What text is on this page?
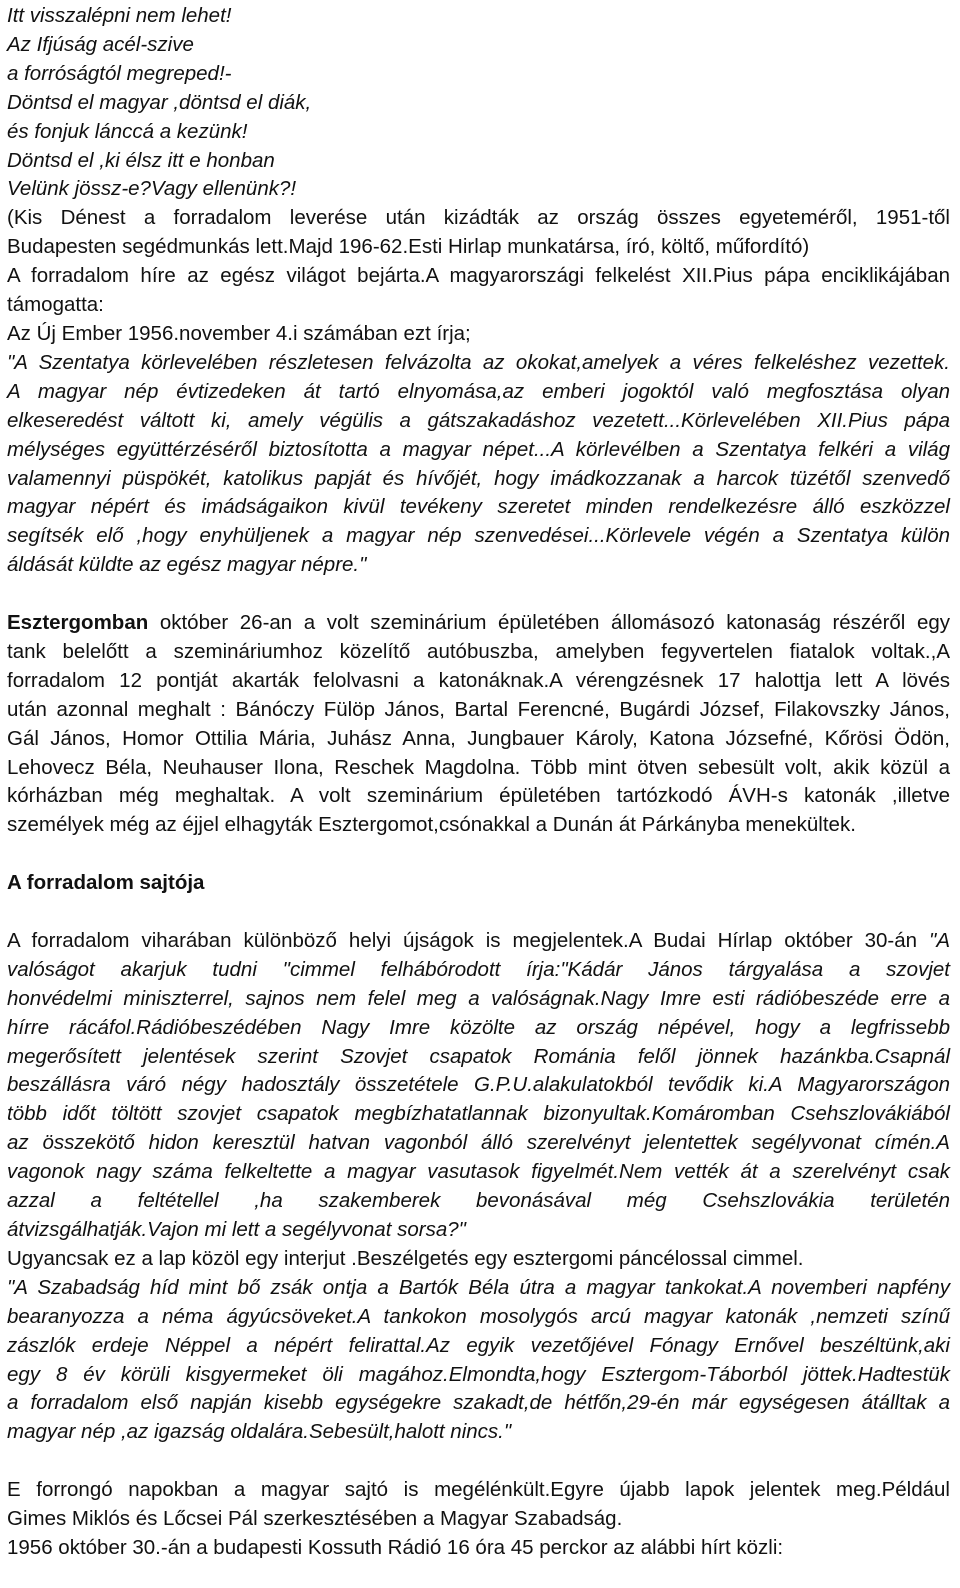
Itt visszalépni nem lehet!
Az Ifjúság acél-szive
a forróságtól megreped!-
Döntsd el magyar ,döntsd el diák,
és fonjuk lánccá a kezünk!
Döntsd el ,ki élsz itt e honban
Velünk jössz-e?Vagy ellenünk?!
(Kis Dénest a forradalom leverése után kizádták az ország összes egyeteméről, 1951-től
Budapesten segédmunkás lett.Majd 196-62.Esti Hirlap munkatársa, író, költő, műfordító)
A forradalom híre az egész világot bejárta.A magyarországi felkelést XII.Pius pápa enciklikájában
támogatta:
Az Új Ember 1956.november 4.i számában ezt írja;
"A Szentatya körlevelében részletesen felvázolta az okokat,amelyek a véres felkeléshez vezettek.
A magyar nép évtizedeken át tartó elnyomása,az emberi jogoktól való megfosztása olyan
elkeseredést váltott ki, amely végülis a gátszakadáshoz vezetett...Körlevelében XII.Pius pápa
mélységes együttérzéséről biztosította a magyar népet...A körlevélben a Szentatya felkéri a világ
valamennyi püspökét, katolikus papját és hívőjét, hogy imádkozzanak a harcok tüzétől szenvedő
magyar népért és imádságaikon kivül tevékeny szeretet minden rendelkezésre álló eszközzel
segítsék elő ,hogy enyhüljenek a magyar nép szenvedései...Körlevele végén a Szentatya külön
áldását küldte az egész magyar népre."
Esztergomban október 26-an a volt szeminárium épületében állomásozó katonaság részéről egy
tank belelőtt a szemináriumhoz közelítő autóbuszba, amelyben fegyvertelen fiatalok voltak.,A
forradalom 12 pontját akarták felolvasni a katonáknak.A vérengzésnek 17 halottja lett A lövés
után azonnal meghalt : Bánóczy Fülöp János, Bartal Ferencné, Bugárdi József, Filakovszky János,
Gál János, Homor Ottilia Mária, Juhász Anna, Jungbauer Károly, Katona Józsefné, Kőrösi Ödön,
Lehovecz Béla, Neuhauser Ilona, Reschek Magdolna. Több mint ötven sebesült volt, akik közül a
kórházban még meghaltak. A volt szeminárium épületében tartózkodó ÁVH-s katonák ,illetve
személyek még az éjjel elhagyták Esztergomot,csónakkal a Dunán át Párkányba menekültek.
A forradalom sajtója
A forradalom viharában különböző helyi újságok is megjelentek.A Budai Hírlap október 30-án "A
valóságot akarjuk tudni "cimmel felhábórodott írja:"Kádár János tárgyalása a szovjet
honvédelmi miniszterrel, sajnos nem felel meg a valóságnak.Nagy Imre esti rádióbeszéde erre a
hírre rácáfol.Rádióbeszédében Nagy Imre közölte az ország népével, hogy a legfrissebb
megerősített jelentések szerint Szovjet csapatok Románia felől jönnek hazánkba.Csapnál
beszállásra váró négy hadosztály összetétele G.P.U.alakulatokból tevődik ki.A Magyarországon
több időt töltött szovjet csapatok megbízhatatlannak bizonyultak.Komáromban Csehszlovákiából
az összekötő hidon keresztül hatvan vagonból álló szerelvényt jelentettek segélyvonat címén.A
vagonok nagy száma felkeltette a magyar vasutasok figyelmét.Nem vették át a szerelvényt csak
azzal a feltétellel ,ha szakemberek bevonásával még Csehszlovákia területén
átvizsgálhatják.Vajon mi lett a segélyvonat sorsa?"
Ugyancsak ez a lap közöl egy interjut .Beszélgetés egy esztergomi páncélossal cimmel.
"A Szabadság híd mint bő zsák ontja a Bartók Béla útra a magyar tankokat.A novemberi napfény
bearanyozza a néma ágyúcsöveket.A tankokon mosolygós arcú magyar katonák ,nemzeti színű
zászlók erdeje Néppel a népért felirattal.Az egyik vezetőjével Fónagy Ernővel beszéltünk,aki
egy 8 év körüli kisgyermeket öli magához.Elmondta,hogy Esztergom-Táborból jöttek.Hadtestük
a forradalom első napján kisebb egységekre szakadt,de hétfőn,29-én már egységesen átálltak a
magyar nép ,az igazság oldalára.Sebesült,halott nincs."
E forrongó napokban a magyar sajtó is megélénkült.Egyre újabb lapok jelentek meg.Például
Gimes Miklós és Lőcsei Pál szerkesztésében a Magyar Szabadság.
1956 október 30.-án a budapesti Kossuth Rádió 16 óra 45 perckor az alábbi hírt közli:
